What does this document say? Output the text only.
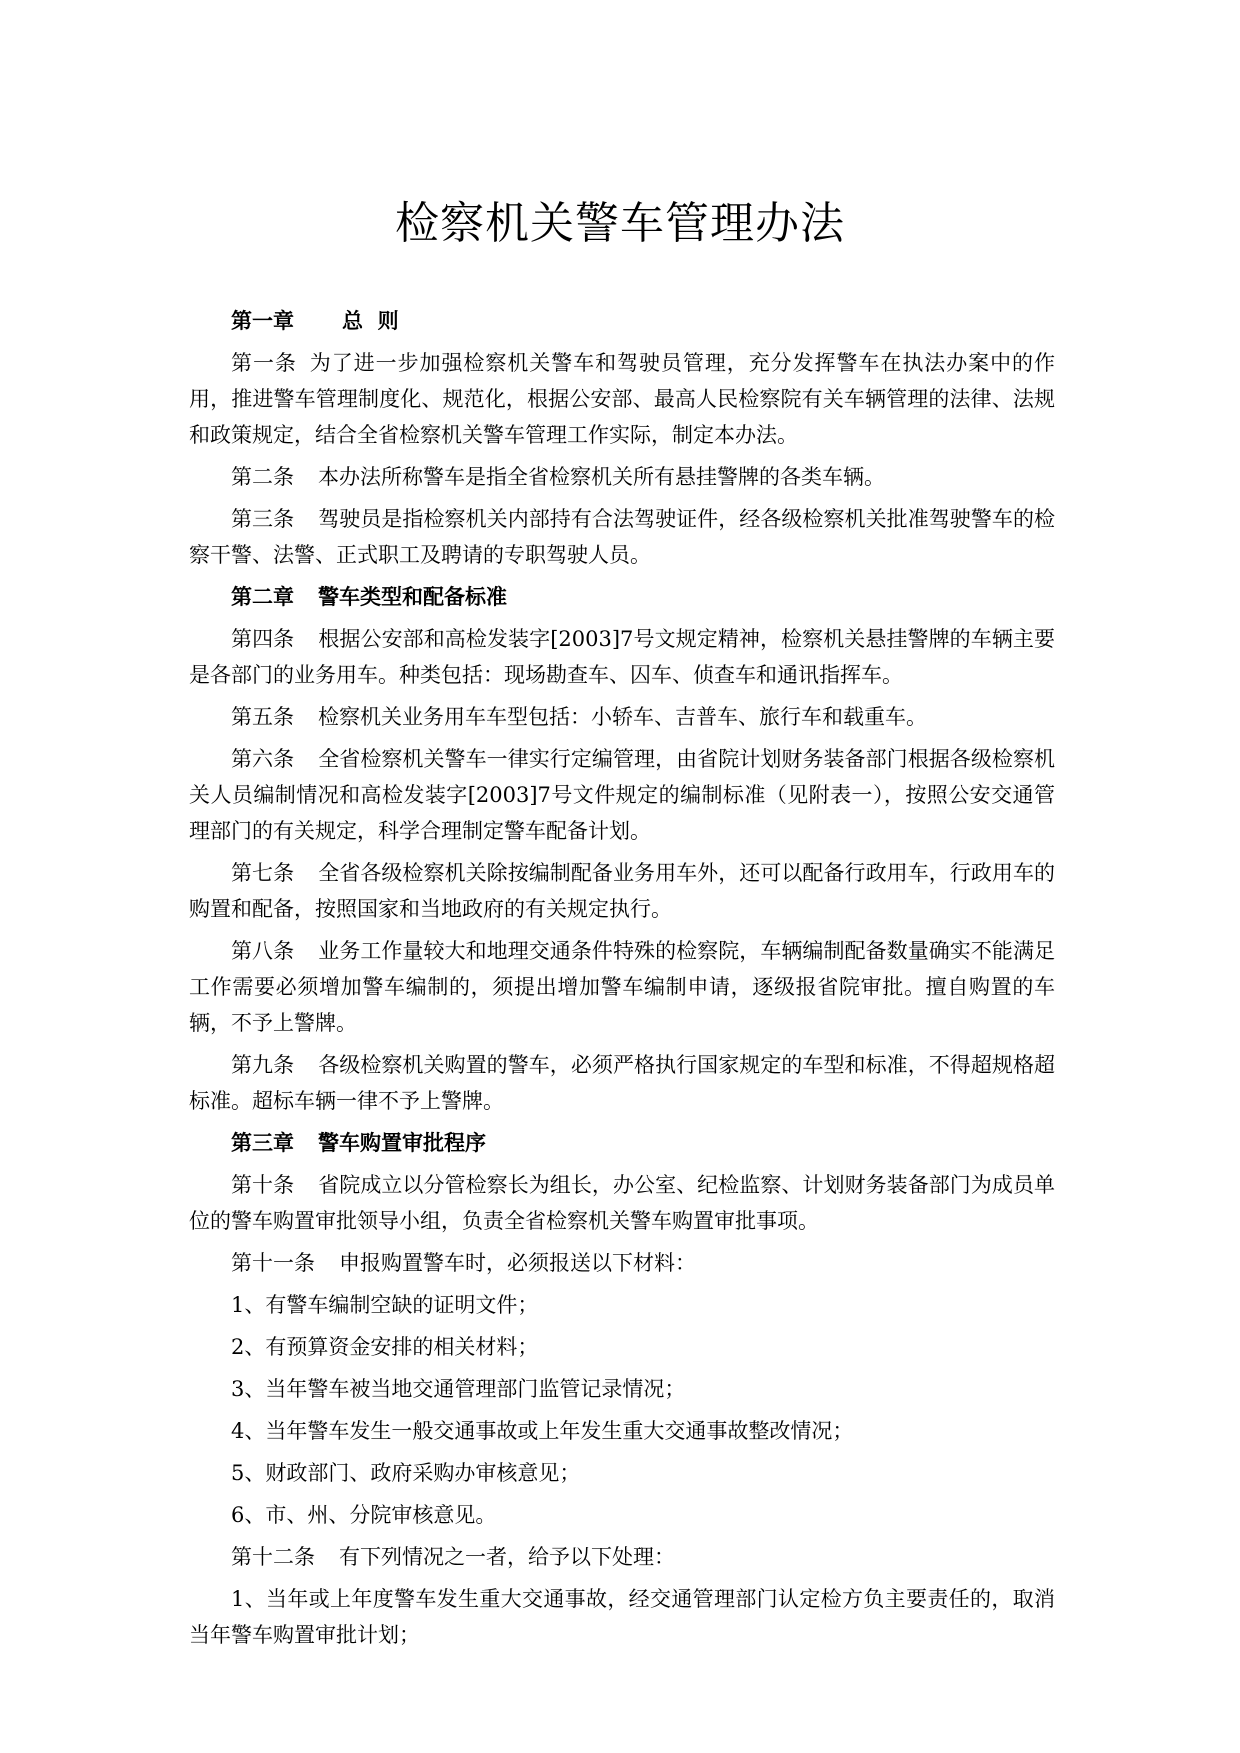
检察机关警车管理办法

第一章 总  则

第一条 为了进一步加强检察机关警车和驾驶员管理，充分发挥警车在执法办案中的作用，推进警车管理制度化、规范化，根据公安部、最高人民检察院有关车辆管理的法律、法规和政策规定，结合全省检察机关警车管理工作实际，制定本办法。

第二条 本办法所称警车是指全省检察机关所有悬挂警牌的各类车辆。

第三条 驾驶员是指检察机关内部持有合法驾驶证件，经各级检察机关批准驾驶警车的检察干警、法警、正式职工及聘请的专职驾驶人员。

第二章 警车类型和配备标准

第四条 根据公安部和高检发装字[2003]7号文规定精神，检察机关悬挂警牌的车辆主要是各部门的业务用车。种类包括：现场勘查车、囚车、侦查车和通讯指挥车。

第五条 检察机关业务用车车型包括：小轿车、吉普车、旅行车和载重车。

第六条 全省检察机关警车一律实行定编管理，由省院计划财务装备部门根据各级检察机关人员编制情况和高检发装字[2003]7号文件规定的编制标准（见附表一），按照公安交通管理部门的有关规定，科学合理制定警车配备计划。

第七条 全省各级检察机关除按编制配备业务用车外，还可以配备行政用车，行政用车的购置和配备，按照国家和当地政府的有关规定执行。

第八条 业务工作量较大和地理交通条件特殊的检察院，车辆编制配备数量确实不能满足工作需要必须增加警车编制的，须提出增加警车编制申请，逐级报省院审批。擅自购置的车辆，不予上警牌。

第九条 各级检察机关购置的警车，必须严格执行国家规定的车型和标准，不得超规格超标准。超标车辆一律不予上警牌。

第三章 警车购置审批程序

第十条 省院成立以分管检察长为组长，办公室、纪检监察、计划财务装备部门为成员单位的警车购置审批领导小组，负责全省检察机关警车购置审批事项。

第十一条 申报购置警车时，必须报送以下材料：

1、有警车编制空缺的证明文件；

2、有预算资金安排的相关材料；

3、当年警车被当地交通管理部门监管记录情况；

4、当年警车发生一般交通事故或上年发生重大交通事故整改情况；

5、财政部门、政府采购办审核意见；

6、市、州、分院审核意见。

第十二条 有下列情况之一者，给予以下处理：

1、当年或上年度警车发生重大交通事故，经交通管理部门认定检方负主要责任的，取消当年警车购置审批计划；
